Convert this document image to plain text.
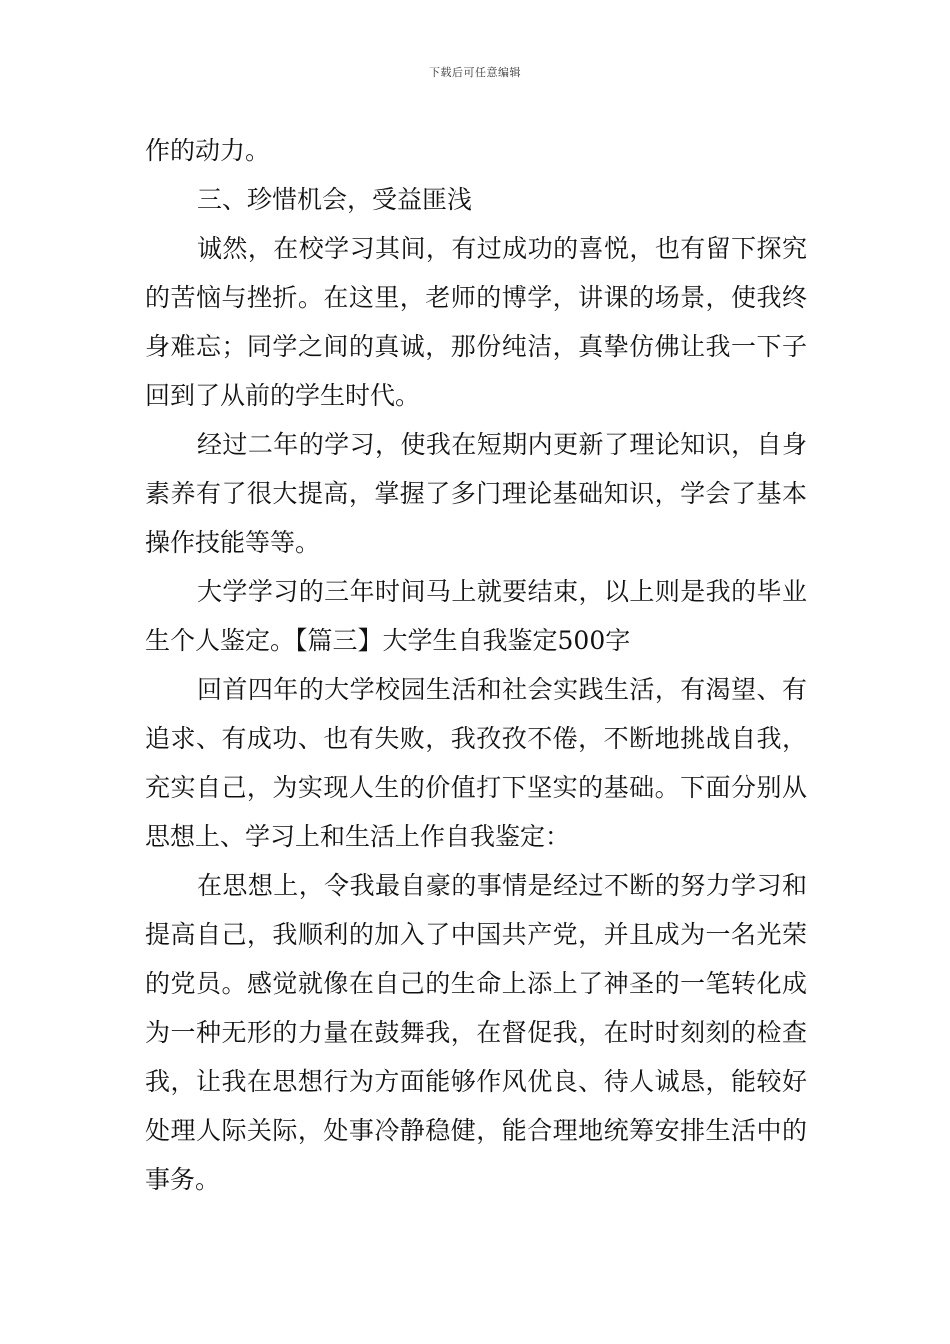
下载后可任意编辑

作的动力。

三、珍惜机会，受益匪浅

诚然，在校学习其间，有过成功的喜悦，也有留下探究的苦恼与挫折。在这里，老师的博学，讲课的场景，使我终身难忘；同学之间的真诚，那份纯洁，真挚仿佛让我一下子回到了从前的学生时代。

经过二年的学习，使我在短期内更新了理论知识，自身素养有了很大提高，掌握了多门理论基础知识，学会了基本操作技能等等。

大学学习的三年时间马上就要结束，以上则是我的毕业生个人鉴定。【篇三】大学生自我鉴定500字

回首四年的大学校园生活和社会实践生活，有渴望、有追求、有成功、也有失败，我孜孜不倦，不断地挑战自我，充实自己，为实现人生的价值打下坚实的基础。下面分别从思想上、学习上和生活上作自我鉴定：

在思想上，令我最自豪的事情是经过不断的努力学习和提高自己，我顺利的加入了中国共产党，并且成为一名光荣的党员。感觉就像在自己的生命上添上了神圣的一笔转化成为一种无形的力量在鼓舞我，在督促我，在时时刻刻的检查我，让我在思想行为方面能够作风优良、待人诚恳，能较好处理人际关际，处事冷静稳健，能合理地统筹安排生活中的事务。
